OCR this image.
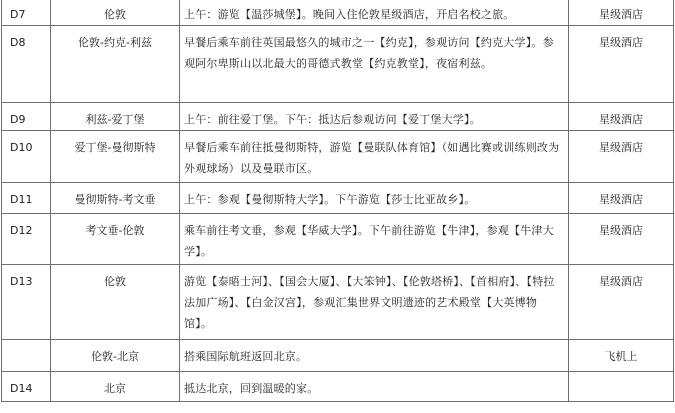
D7	伦敦	上午：游览【温莎城堡】。晚间入住伦敦星级酒店，开启名校之旅。	星级酒店
D8	伦敦-约克-利兹	早餐后乘车前往英国最悠久的城市之一【约克】，参观访问【约克大学】。参观阿尔卑斯山以北最大的哥德式教堂【约克教堂】，夜宿利兹。	星级酒店
D9	利兹-爱丁堡	上午：前往爱丁堡。下午：抵达后参观访问【爱丁堡大学】。	星级酒店
D10	爱丁堡-曼彻斯特	早餐后乘车前往抵曼彻斯特，游览【曼联队体育馆】（如遇比赛或训练则改为外观球场）以及曼联市区。	星级酒店
D11	曼彻斯特-考文垂	上午：参观【曼彻斯特大学】。下午游览【莎士比亚故乡】。	星级酒店
D12	考文垂-伦敦	乘车前往考文垂，参观【华威大学】。下午前往游览【牛津】，参观【牛津大学】。	星级酒店
D13	伦敦	游览【泰晤士河】、【国会大厦】、【大笨钟】、【伦敦塔桥】、【首相府】、【特拉法加广场】、【白金汉宫】，参观汇集世界文明遗迹的艺术殿堂【大英博物馆】。	星级酒店
	伦敦-北京	搭乘国际航班返回北京。	飞机上
D14	北京	抵达北京，回到温暖的家。	
